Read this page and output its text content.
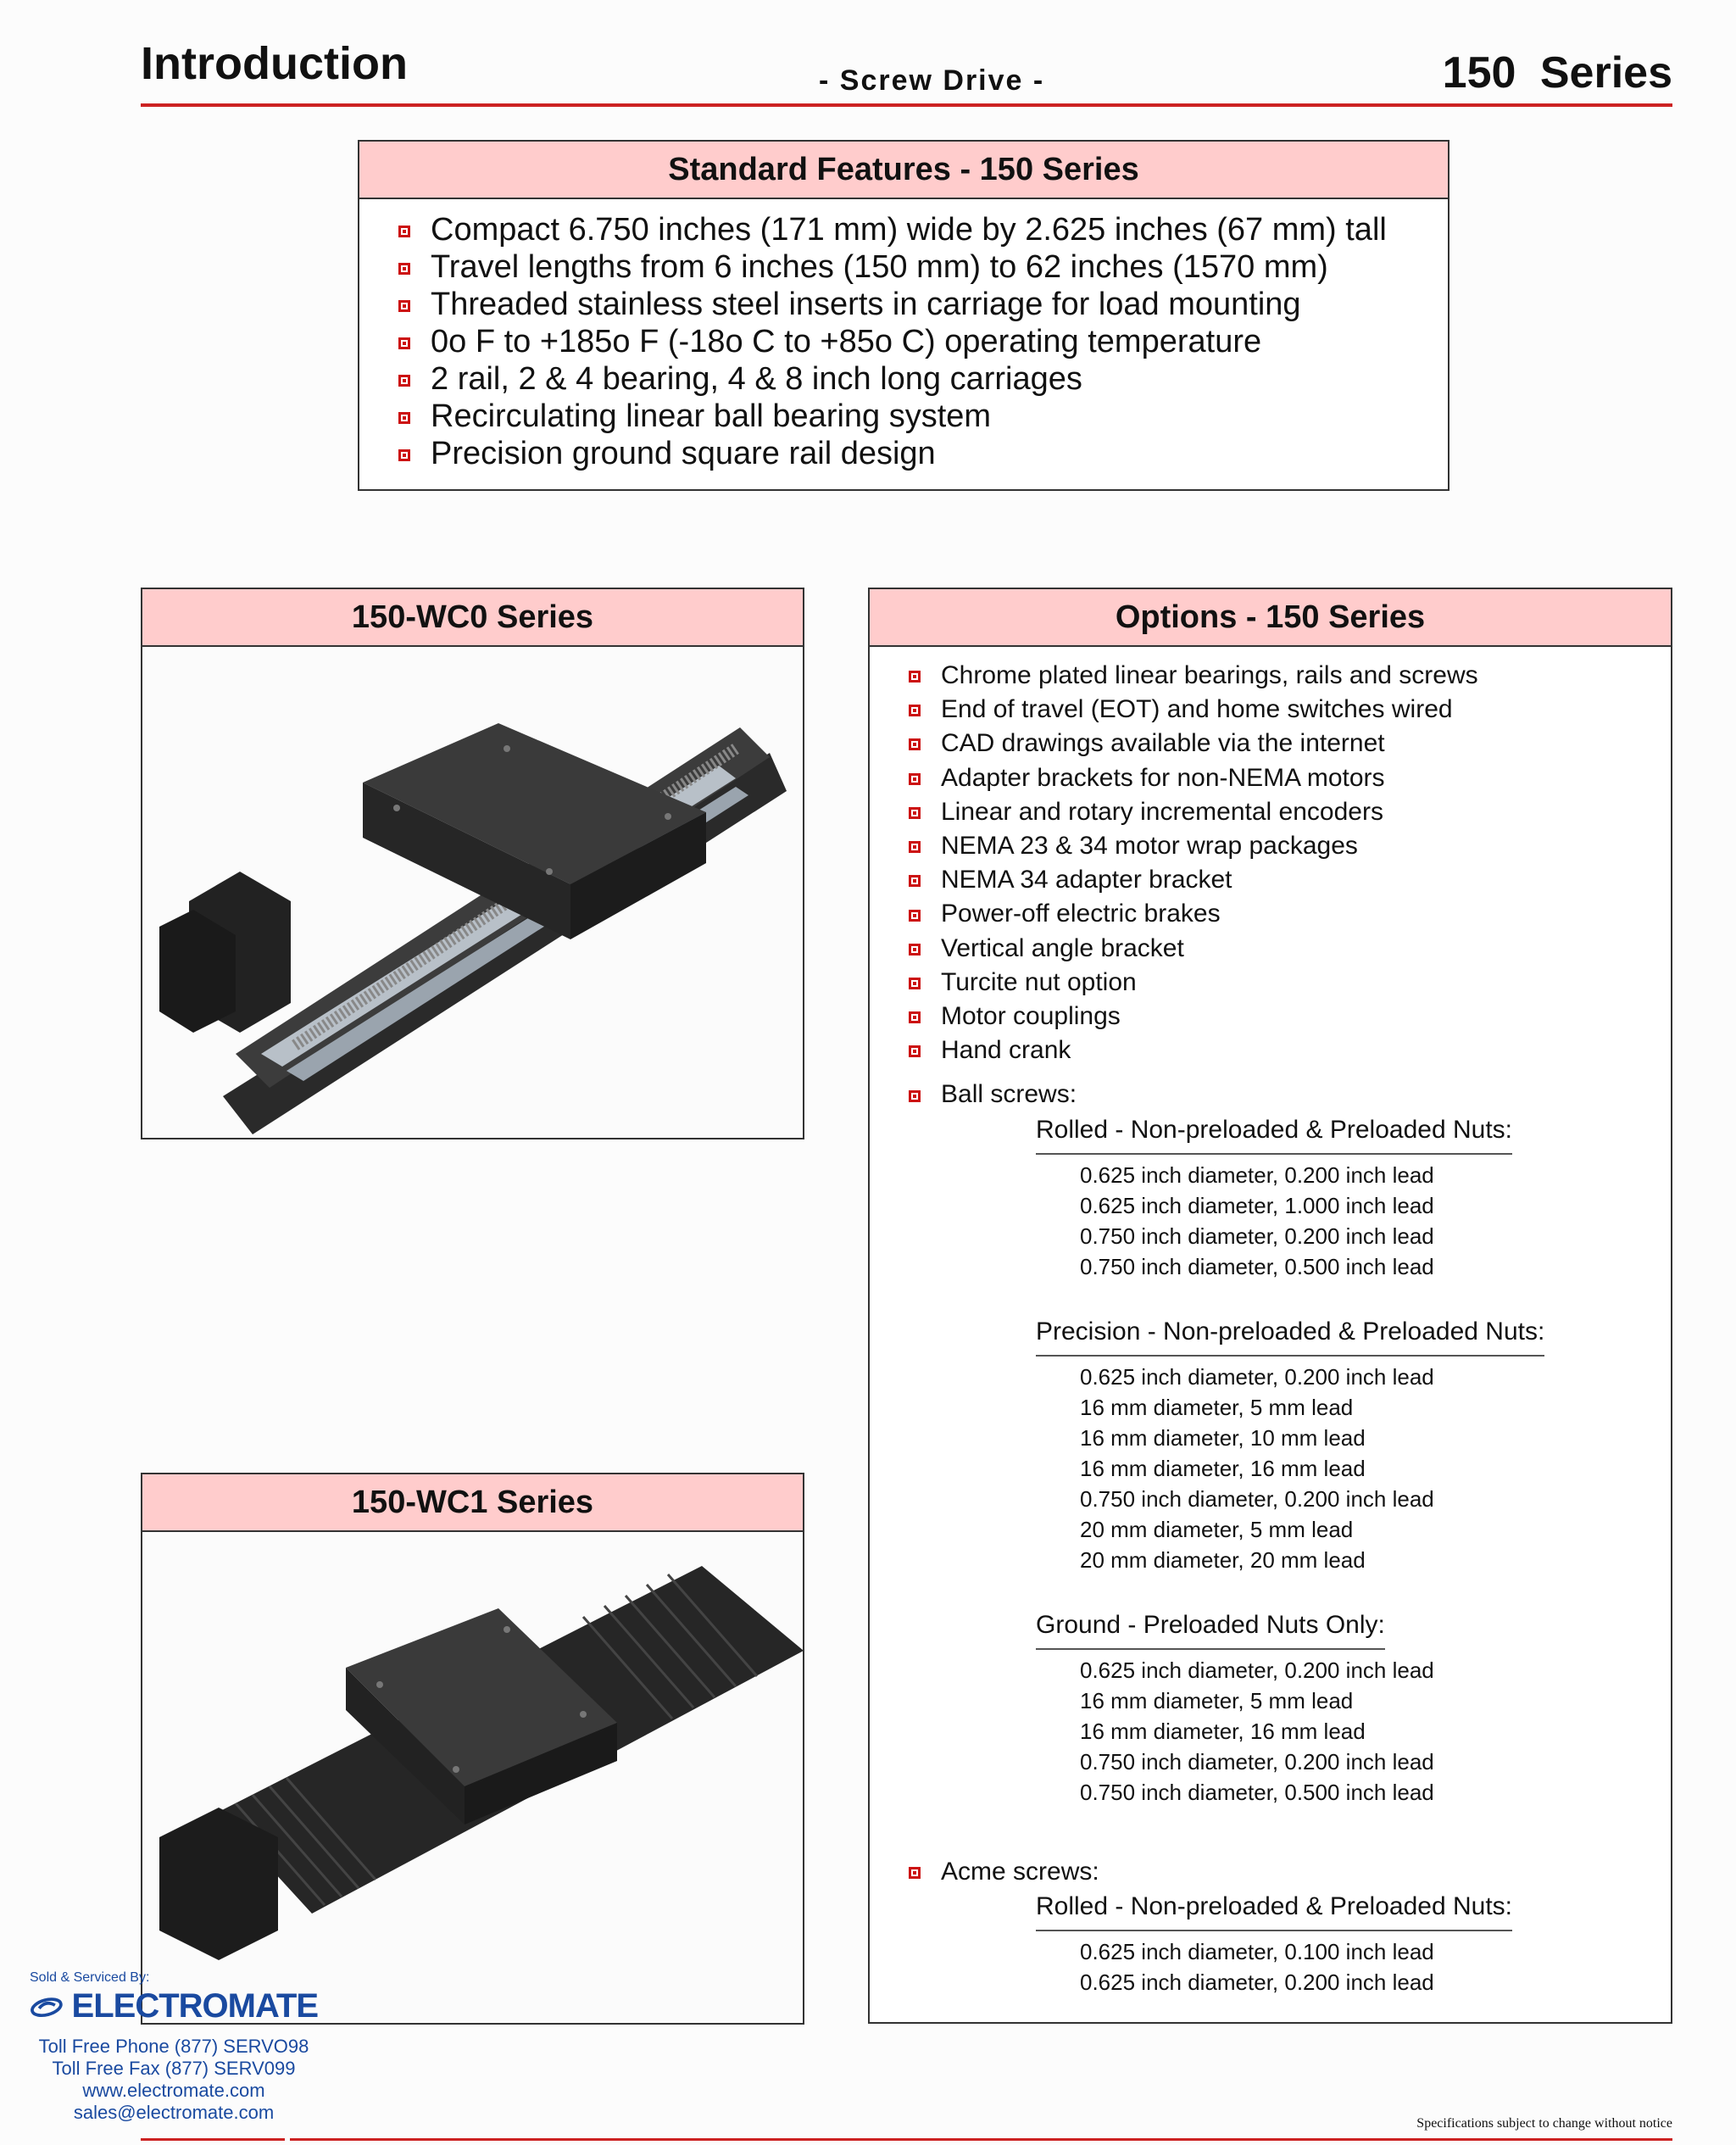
Introduction	- Screw Drive -	150 Series
Standard Features - 150 Series
Compact 6.750 inches (171 mm) wide by 2.625 inches (67 mm) tall
Travel lengths from 6 inches (150 mm) to 62 inches (1570 mm)
Threaded stainless steel inserts in carriage for load mounting
0o F to +185o F (-18o C to +85o C) operating temperature
2 rail, 2 & 4 bearing, 4 & 8 inch long carriages
Recirculating linear ball bearing system
Precision ground square rail design
150-WC0 Series
150-WC1 Series
Options - 150 Series
Chrome plated linear bearings, rails and screws
End of travel (EOT) and home switches wired
CAD drawings available via the internet
Adapter brackets for non-NEMA motors
Linear and rotary incremental encoders
NEMA 23 & 34 motor wrap packages
NEMA 34 adapter bracket
Power-off electric brakes
Vertical angle bracket
Turcite nut option
Motor couplings
Hand crank
Ball screws:
Rolled - Non-preloaded & Preloaded Nuts:
0.625 inch diameter, 0.200 inch lead
0.625 inch diameter, 1.000 inch lead
0.750 inch diameter, 0.200 inch lead
0.750 inch diameter, 0.500 inch lead
Precision - Non-preloaded & Preloaded Nuts:
0.625 inch diameter, 0.200 inch lead
16 mm diameter, 5 mm lead
16 mm diameter, 10 mm lead
16 mm diameter, 16 mm lead
0.750 inch diameter, 0.200 inch lead
20 mm diameter, 5 mm lead
20 mm diameter, 20 mm lead
Ground - Preloaded Nuts Only:
0.625 inch diameter, 0.200 inch lead
16 mm diameter, 5 mm lead
16 mm diameter, 16 mm lead
0.750 inch diameter, 0.200 inch lead
0.750 inch diameter, 0.500 inch lead
Acme screws:
Rolled - Non-preloaded & Preloaded Nuts:
0.625 inch diameter, 0.100 inch lead
0.625 inch diameter, 0.200 inch lead
Sold & Serviced By:
ELECTROMATE
Toll Free Phone (877) SERVO98
Toll Free Fax (877) SERV099
www.electromate.com
sales@electromate.com
Specifications subject to change without notice
